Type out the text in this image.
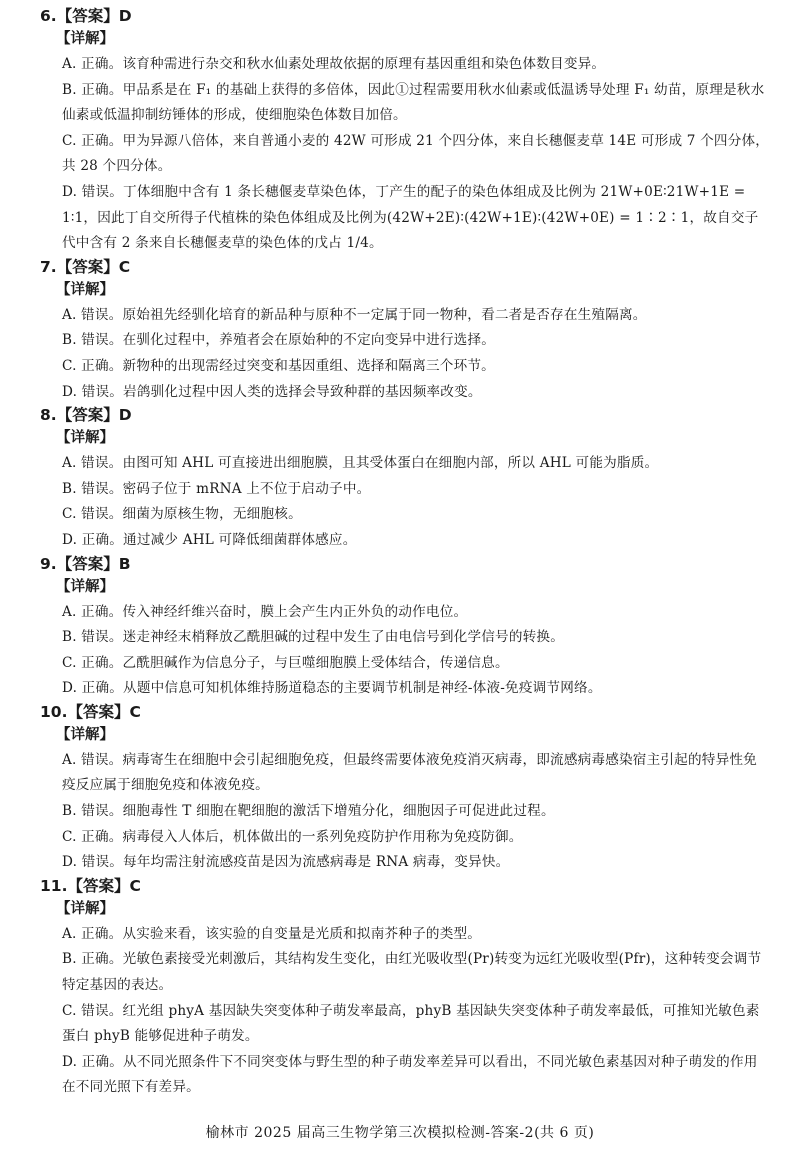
6.【答案】D
【详解】
A. 正确。该育种需进行杂交和秋水仙素处理故依据的原理有基因重组和染色体数目变异。
B. 正确。甲品系是在 F₁ 的基础上获得的多倍体，因此①过程需要用秋水仙素或低温诱导处理 F₁ 幼苗，原理是秋水仙素或低温抑制纺锤体的形成，使细胞染色体数目加倍。
C. 正确。甲为异源八倍体，来自普通小麦的 42W 可形成 21 个四分体，来自长穗偃麦草 14E 可形成 7 个四分体，共 28 个四分体。
D. 错误。丁体细胞中含有 1 条长穗偃麦草染色体，丁产生的配子的染色体组成及比例为 21W+0E∶21W+1E = 1∶1，因此丁自交所得子代植株的染色体组成及比例为(42W+2E)∶(42W+1E)∶(42W+0E) = 1∶2∶1，故自交子代中含有 2 条来自长穗偃麦草的染色体的戊占 1/4。
7.【答案】C
【详解】
A. 错误。原始祖先经驯化培育的新品种与原种不一定属于同一物种，看二者是否存在生殖隔离。
B. 错误。在驯化过程中，养殖者会在原始种的不定向变异中进行选择。
C. 正确。新物种的出现需经过突变和基因重组、选择和隔离三个环节。
D. 错误。岩鸽驯化过程中因人类的选择会导致种群的基因频率改变。
8.【答案】D
【详解】
A. 错误。由图可知 AHL 可直接进出细胞膜，且其受体蛋白在细胞内部，所以 AHL 可能为脂质。
B. 错误。密码子位于 mRNA 上不位于启动子中。
C. 错误。细菌为原核生物，无细胞核。
D. 正确。通过减少 AHL 可降低细菌群体感应。
9.【答案】B
【详解】
A. 正确。传入神经纤维兴奋时，膜上会产生内正外负的动作电位。
B. 错误。迷走神经末梢释放乙酰胆碱的过程中发生了由电信号到化学信号的转换。
C. 正确。乙酰胆碱作为信息分子，与巨噬细胞膜上受体结合，传递信息。
D. 正确。从题中信息可知机体维持肠道稳态的主要调节机制是神经-体液-免疫调节网络。
10.【答案】C
【详解】
A. 错误。病毒寄生在细胞中会引起细胞免疫，但最终需要体液免疫消灭病毒，即流感病毒感染宿主引起的特异性免疫反应属于细胞免疫和体液免疫。
B. 错误。细胞毒性 T 细胞在靶细胞的激活下增殖分化，细胞因子可促进此过程。
C. 正确。病毒侵入人体后，机体做出的一系列免疫防护作用称为免疫防御。
D. 错误。每年均需注射流感疫苗是因为流感病毒是 RNA 病毒，变异快。
11.【答案】C
【详解】
A. 正确。从实验来看，该实验的自变量是光质和拟南芥种子的类型。
B. 正确。光敏色素接受光刺激后，其结构发生变化，由红光吸收型(Pr)转变为远红光吸收型(Pfr)，这种转变会调节特定基因的表达。
C. 错误。红光组 phyA 基因缺失突变体种子萌发率最高，phyB 基因缺失突变体种子萌发率最低，可推知光敏色素蛋白 phyB 能够促进种子萌发。
D. 正确。从不同光照条件下不同突变体与野生型的种子萌发率差异可以看出，不同光敏色素基因对种子萌发的作用在不同光照下有差异。
榆林市 2025 届高三生物学第三次模拟检测-答案-2(共 6 页)
